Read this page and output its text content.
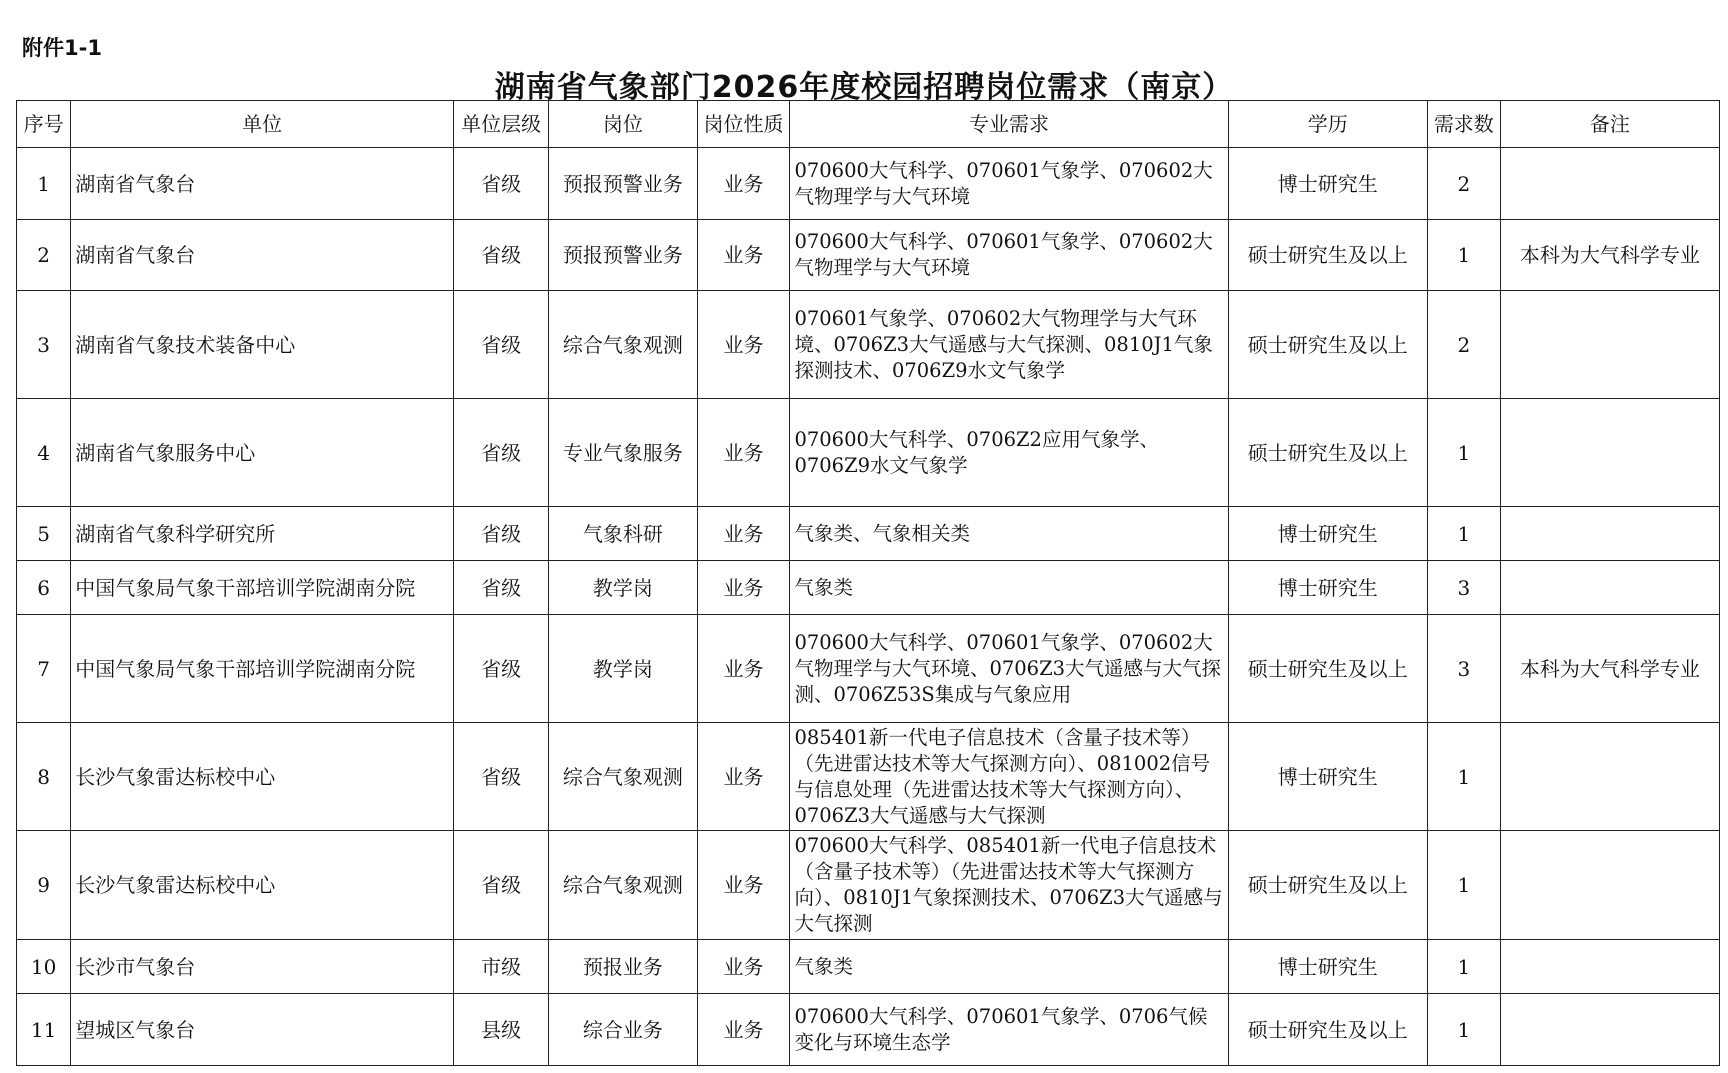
附件1-1
湖南省气象部门2026年度校园招聘岗位需求（南京）
序号	单位	单位层级	岗位	岗位性质	专业需求	学历	需求数	备注
1	湖南省气象台	省级	预报预警业务	业务	070600大气科学、070601气象学、070602大气物理学与大气环境	博士研究生	2	
2	湖南省气象台	省级	预报预警业务	业务	070600大气科学、070601气象学、070602大气物理学与大气环境	硕士研究生及以上	1	本科为大气科学专业
3	湖南省气象技术装备中心	省级	综合气象观测	业务	070601气象学、070602大气物理学与大气环境、0706Z3大气遥感与大气探测、0810J1气象探测技术、0706Z9水文气象学	硕士研究生及以上	2	
4	湖南省气象服务中心	省级	专业气象服务	业务	070600大气科学、0706Z2应用气象学、0706Z9水文气象学	硕士研究生及以上	1	
5	湖南省气象科学研究所	省级	气象科研	业务	气象类、气象相关类	博士研究生	1	
6	中国气象局气象干部培训学院湖南分院	省级	教学岗	业务	气象类	博士研究生	3	
7	中国气象局气象干部培训学院湖南分院	省级	教学岗	业务	070600大气科学、070601气象学、070602大气物理学与大气环境、0706Z3大气遥感与大气探测、0706Z53S集成与气象应用	硕士研究生及以上	3	本科为大气科学专业
8	长沙气象雷达标校中心	省级	综合气象观测	业务	085401新一代电子信息技术（含量子技术等）（先进雷达技术等大气探测方向）、081002信号与信息处理（先进雷达技术等大气探测方向）、0706Z3大气遥感与大气探测	博士研究生	1	
9	长沙气象雷达标校中心	省级	综合气象观测	业务	070600大气科学、085401新一代电子信息技术（含量子技术等）（先进雷达技术等大气探测方向）、0810J1气象探测技术、0706Z3大气遥感与大气探测	硕士研究生及以上	1	
10	长沙市气象台	市级	预报业务	业务	气象类	博士研究生	1	
11	望城区气象台	县级	综合业务	业务	070600大气科学、070601气象学、0706气候变化与环境生态学	硕士研究生及以上	1	
